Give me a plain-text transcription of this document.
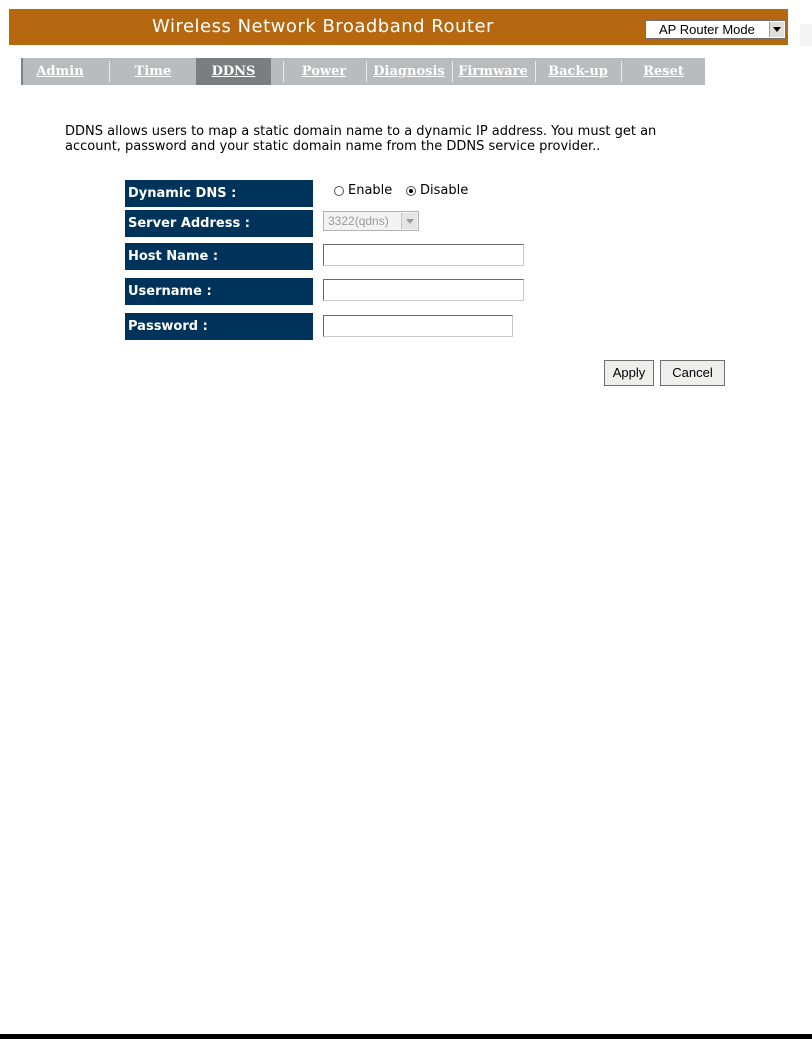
Wireless Network Broadband Router	AP Router Mode
Admin	Time	DDNS	Power	Diagnosis	Firmware	Back-up	Reset
DDNS allows users to map a static domain name to a dynamic IP address. You must get an
account, password and your static domain name from the DDNS service provider..
Dynamic DNS :	Enable Disable
Server Address :	3322(qdns)
Host Name :
Username :
Password :
Apply	Cancel
